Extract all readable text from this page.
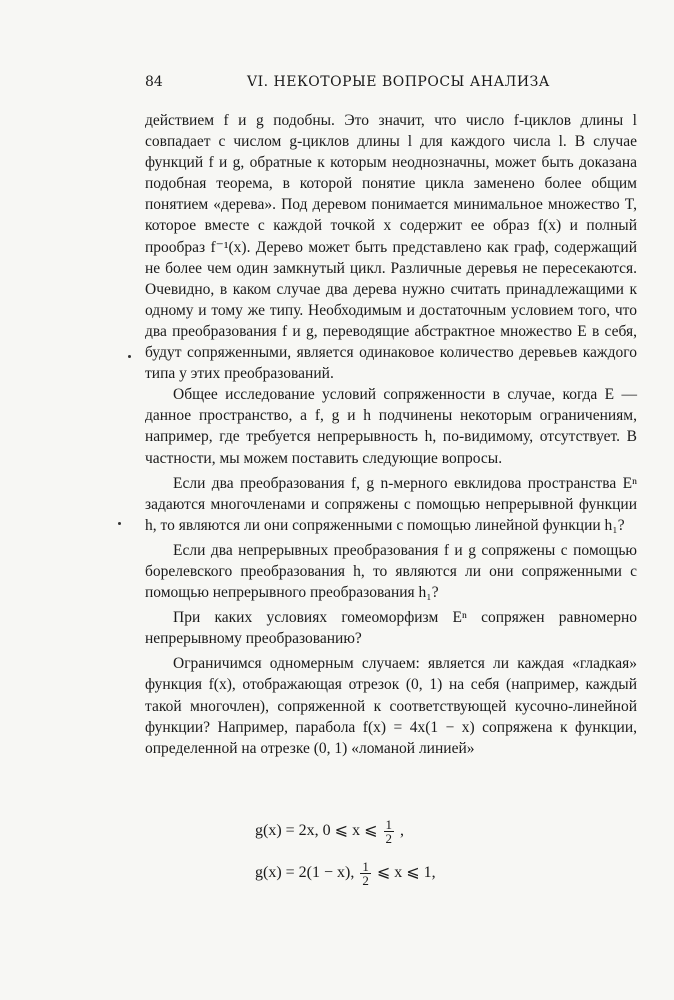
84	VI. НЕКОТОРЫЕ ВОПРОСЫ АНАЛИЗА

действием f и g подобны. Это значит, что число f-циклов длины l совпадает с числом g-циклов длины l для каждого числа l. В случае функций f и g, обратные к которым неоднозначны, может быть доказана подобная теорема, в которой понятие цикла заменено более общим понятием «дерева». Под деревом понимается минимальное множество T, которое вместе с каждой точкой x содержит ее образ f(x) и полный прообраз f⁻¹(x). Дерево может быть представлено как граф, содержащий не более чем один замкнутый цикл. Различные деревья не пересекаются. Очевидно, в каком случае два дерева нужно считать принадлежащими к одному и тому же типу. Необходимым и достаточным условием того, что два преобразования f и g, переводящие абстрактное множество E в себя, будут сопряженными, является одинаковое количество деревьев каждого типа у этих преобразований.

Общее исследование условий сопряженности в случае, когда E — данное пространство, а f, g и h подчинены некоторым ограничениям, например, где требуется непрерывность h, по-видимому, отсутствует. В частности, мы можем поставить следующие вопросы.

Если два преобразования f, g n-мерного евклидова пространства Eⁿ задаются многочленами и сопряжены с помощью непрерывной функции h, то являются ли они сопряженными с помощью линейной функции h₁?

Если два непрерывных преобразования f и g сопряжены с помощью борелевского преобразования h, то являются ли они сопряженными с помощью непрерывного преобразования h₁?

При каких условиях гомеоморфизм Eⁿ сопряжен равномерно непрерывному преобразованию?

Ограничимся одномерным случаем: является ли каждая «гладкая» функция f(x), отображающая отрезок (0, 1) на себя (например, каждый такой многочлен), сопряженной к соответствующей кусочно-линейной функции? Например, парабола f(x) = 4x(1 − x) сопряжена к функции, определенной на отрезке (0, 1) «ломаной линией»

g(x) = 2x, 0 ⩽ x ⩽ $\frac{1}{2}$ ,
g(x) = 2(1 − x), $\frac{1}{2}$ ⩽ x ⩽ 1,
